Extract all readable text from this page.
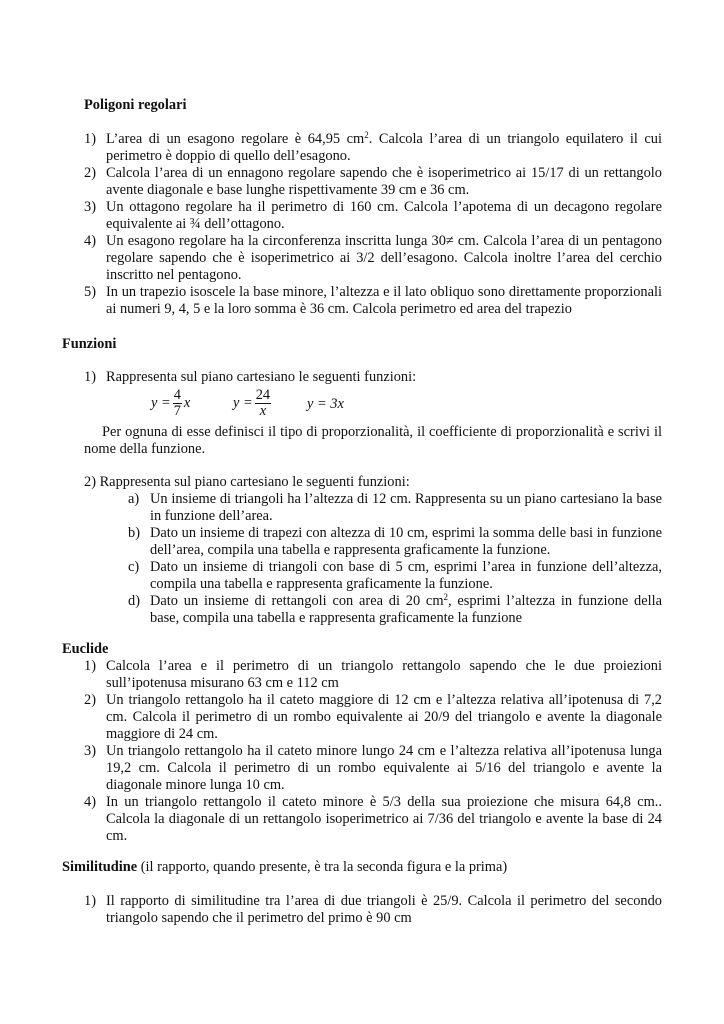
Poligoni regolari
1) L’area di un esagono regolare è 64,95 $cm^2$. Calcola l’area di un triangolo equilatero il cui perimetro è doppio di quello dell’esagono.

2) Calcola l’area di un ennagono regolare sapendo che è isoperimetrico ai 15/17 di un rettangolo avente diagonale e base lunghe rispettivamente 39 cm e 36 cm.

3) Un ottagono regolare ha il perimetro di 160 cm. Calcola l’apotema di un decagono regolare equivalente ai ¾ dell’ottagono.

4) Un esagono regolare ha la circonferenza inscritta lunga 30≠ cm. Calcola l’area di un pentagono regolare sapendo che è isoperimetrico ai 3/2 dell’esagono. Calcola inoltre l’area del cerchio inscritto nel pentagono.

5) In un trapezio isoscele la base minore, l’altezza e il lato obliquo sono direttamente proporzionali ai numeri 9, 4, 5 e la loro somma è 36 cm. Calcola perimetro ed area del trapezio

Funzioni
1) Rappresenta sul piano cartesiano le seguenti funzioni:

$y = \frac{4}{7}$ x	$y = \frac{24}{x}$ y = 3x
Per ognuna di esse definisci il tipo di proporzionalità, il coefficiente di proporzionalità e scrivi il nome della funzione.
2) Rappresenta sul piano cartesiano le seguenti funzioni:
a) Un insieme di triangoli ha l’altezza di 12 cm. Rappresenta su un piano cartesiano la base in funzione dell’area.

b) Dato un insieme di trapezi con altezza di 10 cm, esprimi la somma delle basi in funzione dell’area, compila una tabella e rappresenta graficamente la funzione.

c) Dato un insieme di triangoli con base di 5 cm, esprimi l’area in funzione dell’altezza, compila una tabella e rappresenta graficamente la funzione.

d) Dato un insieme di rettangoli con area di 20 $cm^2$, esprimi l’altezza in funzione della base, compila una tabella e rappresenta graficamente la funzione

Euclide
1) Calcola l’area e il perimetro di un triangolo rettangolo sapendo che le due proiezioni sull’ipotenusa misurano 63 cm e 112 cm

2) Un triangolo rettangolo ha il cateto maggiore di 12 cm e l’altezza relativa all’ipotenusa di 7,2 cm. Calcola il perimetro di un rombo equivalente ai 20/9 del triangolo e avente la diagonale maggiore di 24 cm.

3) Un triangolo rettangolo ha il cateto minore lungo 24 cm e l’altezza relativa all’ipotenusa lunga 19,2 cm. Calcola il perimetro di un rombo equivalente ai 5/16 del triangolo e avente la diagonale minore lunga 10 cm.

4) In un triangolo rettangolo il cateto minore è 5/3 della sua proiezione che misura 64,8 cm.. Calcola la diagonale di un rettangolo isoperimetrico ai 7/36 del triangolo e avente la base di 24 cm.

Similitudine (il rapporto, quando presente, è tra la seconda figura e la prima)
1) Il rapporto di similitudine tra l’area di due triangoli è 25/9. Calcola il perimetro del secondo triangolo sapendo che il perimetro del primo è 90 cm
